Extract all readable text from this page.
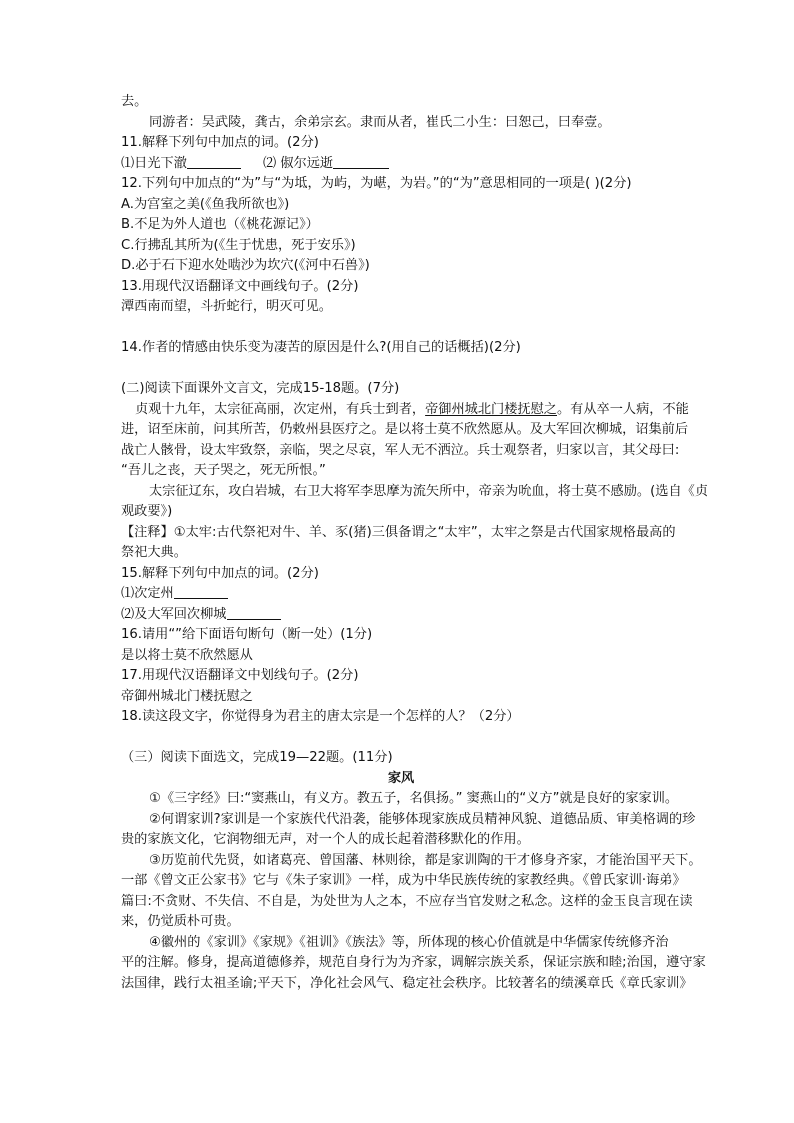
去。
同游者：吴武陵，龚古，余弟宗玄。隶而从者，崔氏二小生：曰恕己，曰奉壹。
11.解释下列句中加点的词。(2分)
⑴日光下澈	⑵ 俶尔远逝
12.下列句中加点的“为”与“为坻，为屿，为嵁，为岩。”的“为”意思相同的一项是( )(2分)
A.为宫室之美(《鱼我所欲也》)
B.不足为外人道也（《桃花源记》）
C.行拂乱其所为(《生于忧患，死于安乐》)
D.必于石下迎水处啮沙为坎穴(《河中石兽》)
13.用现代汉语翻译文中画线句子。(2分)
潭西南而望，斗折蛇行，明灭可见。
14.作者的情感由快乐变为凄苦的原因是什么?(用自己的话概括)(2分)
(二)阅读下面课外文言文，完成15-18题。(7分)
贞观十九年，太宗征高丽，次定州，有兵士到者，帝御州城北门楼抚慰之。有从卒一人病，不能
进，诏至床前，问其所苦，仍敕州县医疗之。是以将士莫不欣然愿从。及大军回次柳城，诏集前后
战亡人骸骨，设太牢致祭，亲临，哭之尽哀，军人无不洒泣。兵士观祭者，归家以言，其父母曰:
“吾儿之丧，天子哭之，死无所恨。”
太宗征辽东，攻白岩城，右卫大将军李思摩为流矢所中，帝亲为吮血，将士莫不感励。(选自《贞
观政要》)
【注释】①太牢:古代祭祀对牛、羊、豕(猪)三俱备谓之“太牢”，太牢之祭是古代国家规格最高的
祭祀大典。
15.解释下列句中加点的词。(2分)
⑴次定州
⑵及大军回次柳城
16.请用“”给下面语句断句（断一处）(1分)
是以将士莫不欣然愿从
17.用现代汉语翻译文中划线句子。(2分)
帝御州城北门楼抚慰之
18.读这段文字，你觉得身为君主的唐太宗是一个怎样的人？（2分）
（三）阅读下面选文，完成19—22题。(11分)
家风
①《三字经》曰:“窦燕山，有义方。教五子，名俱扬。” 窦燕山的“义方”就是良好的家家训。
②何谓家训?家训是一个家族代代沿袭，能够体现家族成员精神风貌、道德品质、审美格调的珍
贵的家族文化，它润物细无声，对一个人的成长起着潜移默化的作用。
③历览前代先贤，如诸葛亮、曾国藩、林则徐，都是家训陶的干才修身齐家，才能治国平天下。
一部《曾文正公家书》它与《朱子家训》一样，成为中华民族传统的家教经典。《曾氏家训·诲弟》
篇曰:不贪财、不失信、不自是，为处世为人之本，不应存当官发财之私念。这样的金玉良言现在读
来，仍觉质朴可贵。
④徽州的《家训》《家规》《祖训》《族法》等，所体现的核心价值就是中华儒家传统修齐治
平的注解。修身，提高道德修养，规范自身行为为齐家，调解宗族关系，保证宗族和睦;治国，遵守家
法国律，践行太祖圣谕;平天下，净化社会风气、稳定社会秩序。比较著名的绩溪章氏《章氏家训》
